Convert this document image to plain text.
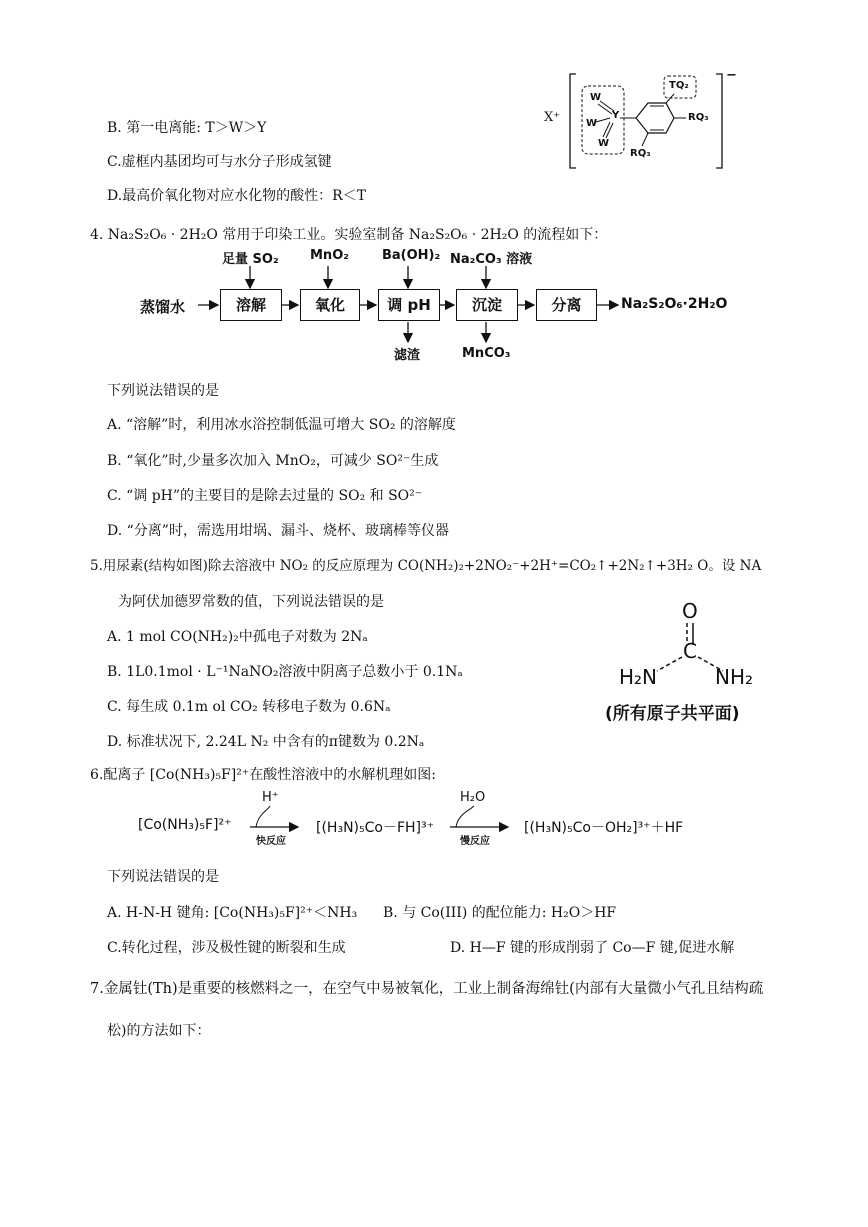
B. 第一电离能: T＞W＞Y
C.虚框内基团均可与水分子形成氢键
D.最高价氧化物对应水化物的酸性：R＜T
X⁺
−
W
W
W
Y
TQ₂
RQ₃
RQ₃
4. Na₂S₂O₆ · 2H₂O 常用于印染工业。实验室制备 Na₂S₂O₆ · 2H₂O 的流程如下：
蒸馏水	溶解	氧化	调 pH	沉淀	分离	Na₂S₂O₆·2H₂O
足量 SO₂ MnO₂	Ba(OH)₂ Na₂CO₃ 溶液
滤渣	MnCO₃
下列说法错误的是
A. “溶解”时，利用冰水浴控制低温可增大 SO₂ 的溶解度
B. “氧化”时,少量多次加入 MnO₂，可减少 SO²⁻生成
C. “调 pH”的主要目的是除去过量的 SO₂ 和 SO²⁻
D. “分离”时，需选用坩埚、漏斗、烧杯、玻璃棒等仪器
5.用尿素(结构如图)除去溶液中 NO₂ 的反应原理为 CO(NH₂)₂+2NO₂⁻+2H⁺=CO₂↑+2N₂↑+3H₂ O。设 NA
为阿伏加德罗常数的值，下列说法错误的是
A. 1 mol CO(NH₂)₂中孤电子对数为 2Nₐ
B. 1L0.1mol · L⁻¹NaNO₂溶液中阴离子总数小于 0.1Nₐ
C. 每生成 0.1m ol CO₂ 转移电子数为 0.6Nₐ
D. 标准状况下, 2.24L N₂ 中含有的π键数为 0.2Nₐ
O
C
H₂N	NH₂
(所有原子共平面)
6.配离子 [Co(NH₃)₅F]²⁺在酸性溶液中的水解机理如图:
[Co(NH₃)₅F]²⁺
H⁺
快反应
[(H₃N)₅Co－FH]³⁺
H₂O
慢反应
[(H₃N)₅Co－OH₂]³⁺＋HF
下列说法错误的是
A. H-N-H 键角: [Co(NH₃)₅F]²⁺＜NH₃ B. 与 Co(III) 的配位能力: H₂O＞HF
C.转化过程，涉及极性键的断裂和生成	D. H—F 键的形成削弱了 Co—F 键,促进水解
7.金属钍(Th)是重要的核燃料之一，在空气中易被氧化，工业上制备海绵钍(内部有大量微小气孔且结构疏
松)的方法如下：
